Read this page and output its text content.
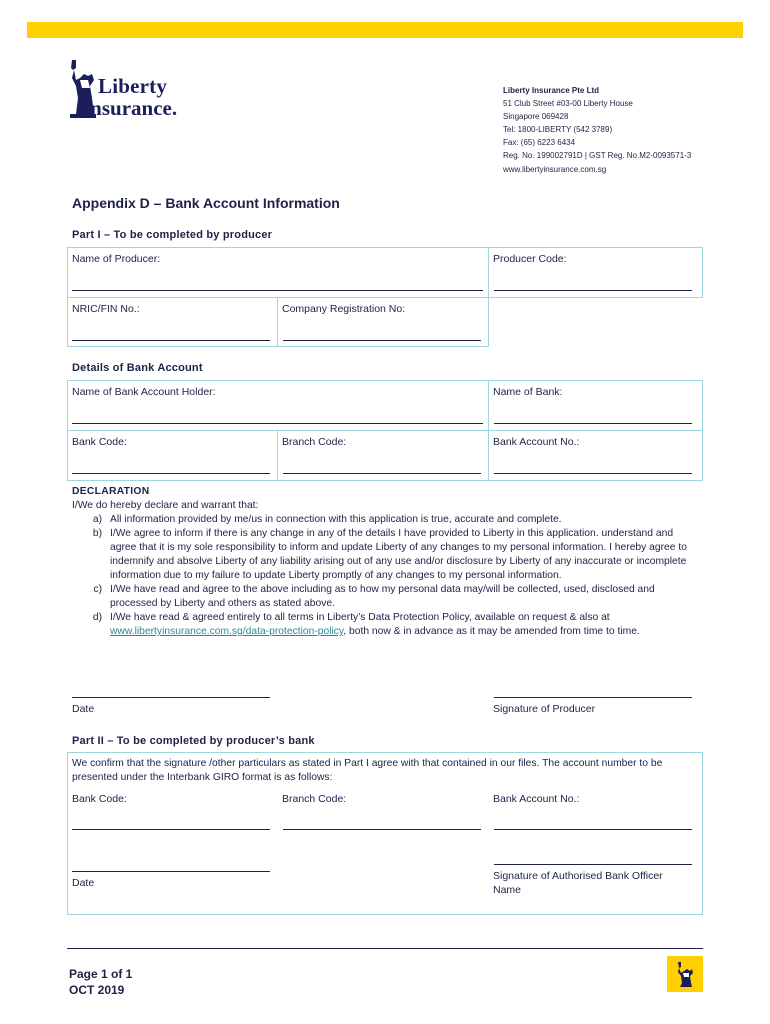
Liberty
Insurance.
Liberty Insurance Pte Ltd
51 Club Street #03-00 Liberty House
Singapore 069428
Tel: 1800-LIBERTY (542 3789)
Fax: (65) 6223 6434
Reg. No. 199002791D | GST Reg. No.M2-0093571-3
www.libertyinsurance.com.sg
Appendix D – Bank Account Information
Part I – To be completed by producer
Name of Producer:	Producer Code:
NRIC/FIN No.:	Company Registration No:
Details of Bank Account
Name of Bank Account Holder:	Name of Bank:
Bank Code:	Branch Code:	Bank Account No.:
DECLARATION
I/We do hereby declare and warrant that:
a) All information provided by me/us in connection with this application is true, accurate and complete.
b) I/We agree to inform if there is any change in any of the details I have provided to Liberty in this application. understand and agree that it is my sole responsibility to inform and update Liberty of any changes to my personal information. I hereby agree to indemnify and absolve Liberty of any liability arising out of any use and/or disclosure by Liberty of any inaccurate or incomplete information due to my failure to update Liberty promptly of any changes to my personal information.
c) I/We have read and agree to the above including as to how my personal data may/will be collected, used, disclosed and processed by Liberty and others as stated above.
d) I/We have read & agreed entirely to all terms in Liberty’s Data Protection Policy, available on request & also at www.libertyinsurance.com.sg/data-protection-policy, both now & in advance as it may be amended from time to time.
Date	Signature of Producer
Part II – To be completed by producer’s bank
We confirm that the signature /other particulars as stated in Part I agree with that contained in our files. The account number to be presented under the Interbank GIRO format is as follows:
Bank Code:	Branch Code:	Bank Account No.:
Date
Signature of Authorised Bank Officer
Name
Page 1 of 1
OCT 2019
